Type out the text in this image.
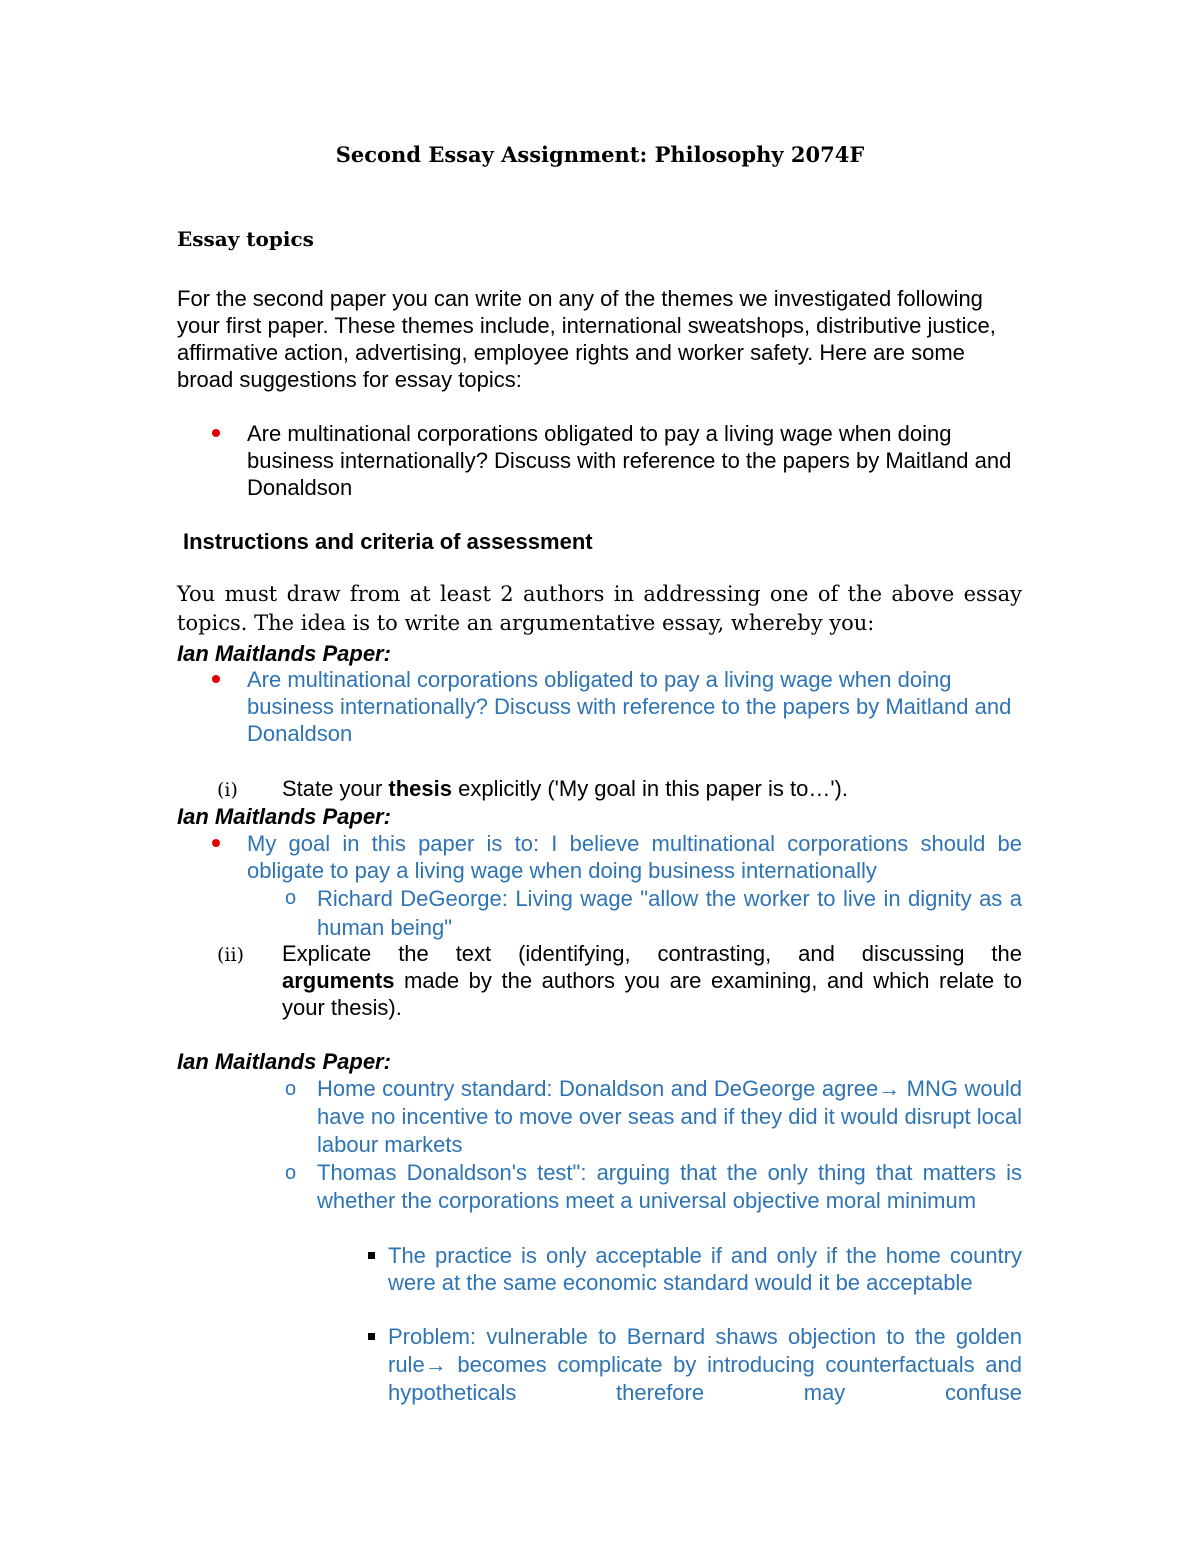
Second Essay Assignment: Philosophy 2074F
Essay topics
For the second paper you can write on any of the themes we investigated following your first paper. These themes include, international sweatshops, distributive justice, affirmative action, advertising, employee rights and worker safety. Here are some broad suggestions for essay topics:
Are multinational corporations obligated to pay a living wage when doing business internationally? Discuss with reference to the papers by Maitland and Donaldson
Instructions and criteria of assessment
You must draw from at least 2 authors in addressing one of the above essay topics. The idea is to write an argumentative essay, whereby you:
Ian Maitlands Paper:
Are multinational corporations obligated to pay a living wage when doing business internationally? Discuss with reference to the papers by Maitland and Donaldson
(i) State your thesis explicitly ('My goal in this paper is to…').
Ian Maitlands Paper:
My goal in this paper is to: I believe multinational corporations should be obligate to pay a living wage when doing business internationally
o Richard DeGeorge: Living wage "allow the worker to live in dignity as a human being"
(ii) Explicate the text (identifying, contrasting, and discussing the
arguments made by the authors you are examining, and which relate to your thesis).
Ian Maitlands Paper:
o Home country standard: Donaldson and DeGeorge agree→ MNG would have no incentive to move over seas and if they did it would disrupt local labour markets
o Thomas Donaldson's test": arguing that the only thing that matters is whether the corporations meet a universal objective moral minimum
The practice is only acceptable if and only if the home country were at the same economic standard would it be acceptable
Problem: vulnerable to Bernard shaws objection to the golden rule→ becomes complicate by introducing counterfactuals and hypotheticals therefore may confuse
